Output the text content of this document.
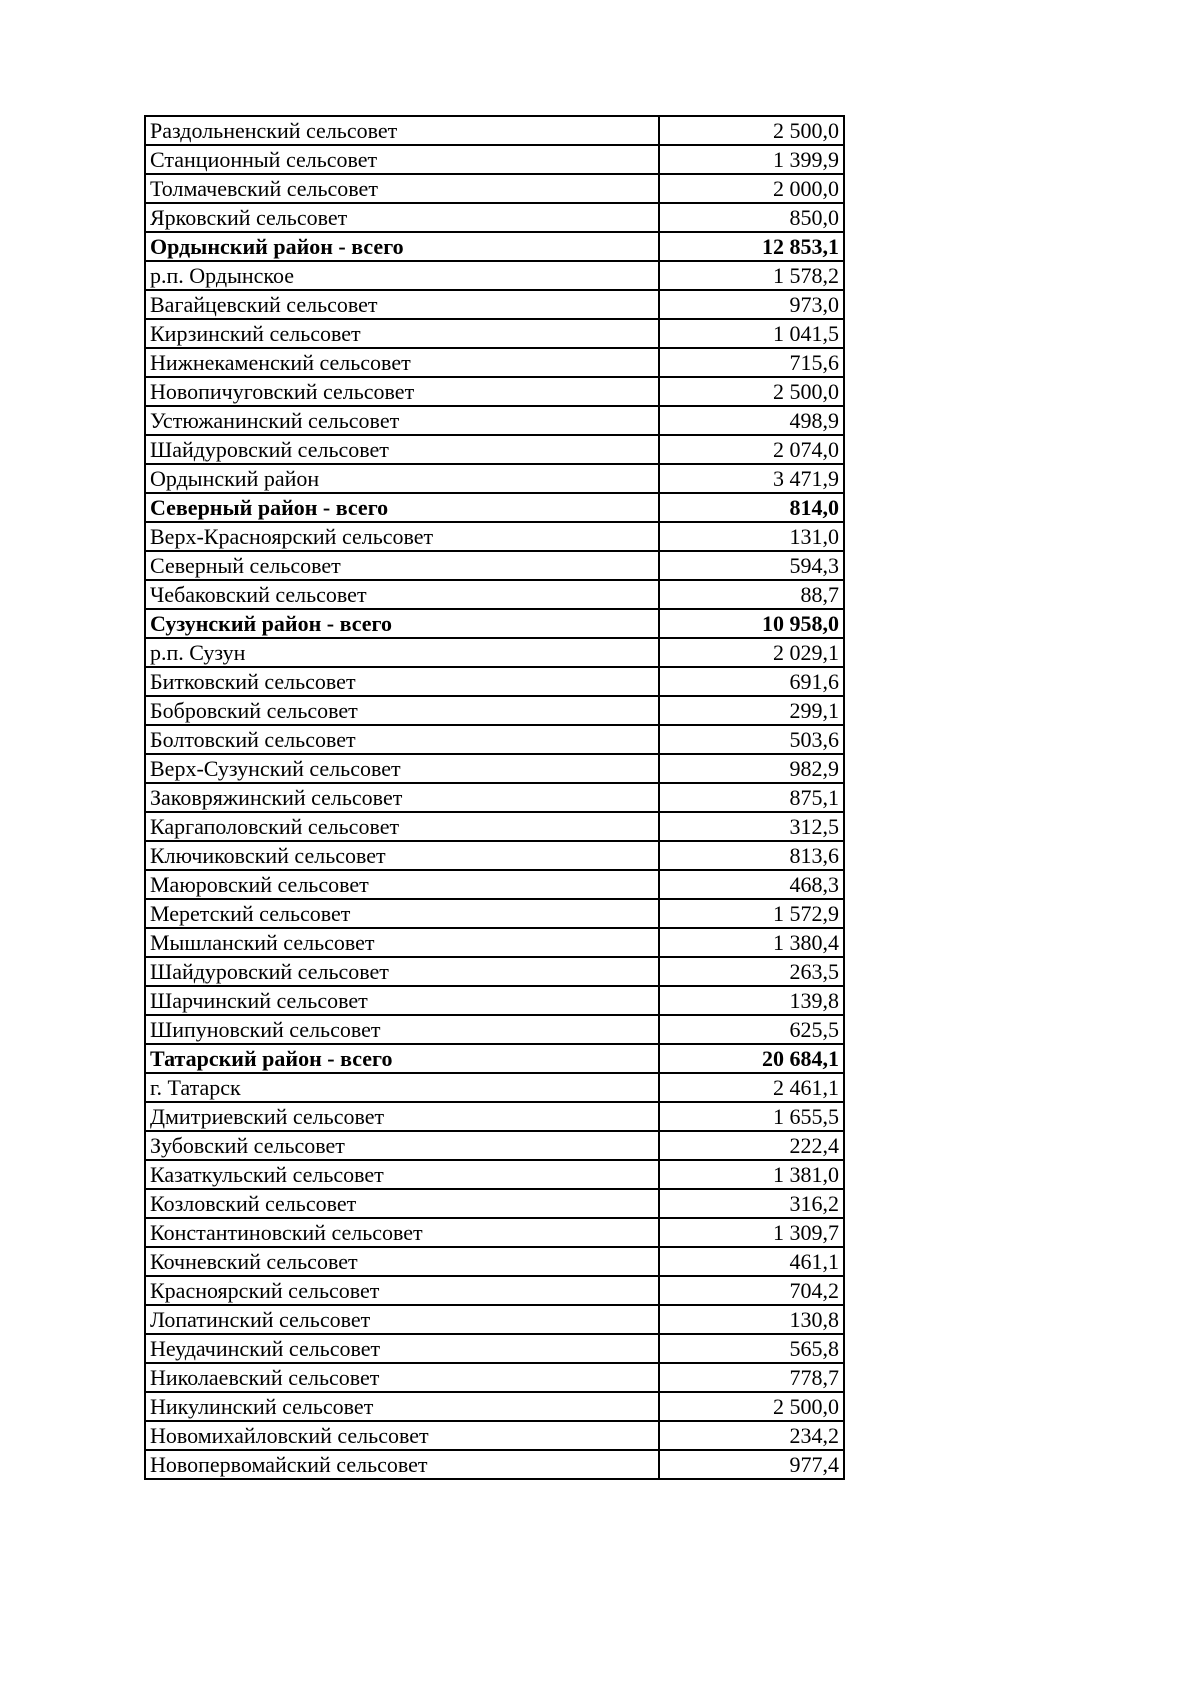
Раздольненский сельсовет	2 500,0
Станционный сельсовет	1 399,9
Толмачевский сельсовет	2 000,0
Ярковский сельсовет	850,0
Ордынский район - всего	12 853,1
р.п. Ордынское	1 578,2
Вагайцевский сельсовет	973,0
Кирзинский сельсовет	1 041,5
Нижнекаменский сельсовет	715,6
Новопичуговский сельсовет	2 500,0
Устюжанинский сельсовет	498,9
Шайдуровский сельсовет	2 074,0
Ордынский район	3 471,9
Северный район - всего	814,0
Верх-Красноярский сельсовет	131,0
Северный сельсовет	594,3
Чебаковский сельсовет	88,7
Сузунский район - всего	10 958,0
р.п. Сузун	2 029,1
Битковский сельсовет	691,6
Бобровский сельсовет	299,1
Болтовский сельсовет	503,6
Верх-Сузунский сельсовет	982,9
Заковряжинский сельсовет	875,1
Каргаполовский сельсовет	312,5
Ключиковский сельсовет	813,6
Маюровский сельсовет	468,3
Меретский сельсовет	1 572,9
Мышланский сельсовет	1 380,4
Шайдуровский сельсовет	263,5
Шарчинский сельсовет	139,8
Шипуновский сельсовет	625,5
Татарский район - всего	20 684,1
г. Татарск	2 461,1
Дмитриевский сельсовет	1 655,5
Зубовский сельсовет	222,4
Казаткульский сельсовет	1 381,0
Козловский сельсовет	316,2
Константиновский сельсовет	1 309,7
Кочневский сельсовет	461,1
Красноярский сельсовет	704,2
Лопатинский сельсовет	130,8
Неудачинский сельсовет	565,8
Николаевский сельсовет	778,7
Никулинский сельсовет	2 500,0
Новомихайловский сельсовет	234,2
Новопервомайский сельсовет	977,4
